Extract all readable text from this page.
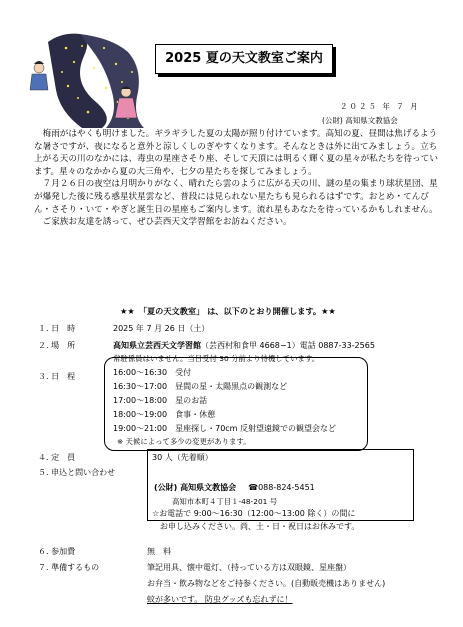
2025 夏の天文教室ご案内
２０２５ 年 ７ 月
(公財) 高知県文教協会

梅雨がはやくも明けました。ギラギラした夏の太陽が照り付けています。高知の夏、昼間は焦げるような暑さですが、夜になると意外と涼しくしのぎやすくなります。そんなときは外に出てみましょう。立ち上がる天の川のなかには、毒虫の星座さそり座、そして天頂には明るく輝く夏の星々が私たちを待っています。星々のなかから夏の大三角や、七夕の星たちを探してみましょう。

７月２６日の夜空は月明かりがなく、晴れたら雲のように広がる天の川、謎の星の集まり球状星団、星が爆発した後に残る惑星状星雲など、普段には見られない星たちも見られるはずです。おとめ・てんびん・さそり・いて・やぎと誕生日の星座もご案内します。流れ星もあなたを待っているかもしれません。

ご家族お友達を誘って、ぜひ芸西天文学習館をお訪ねください。

★★　「夏の天文教室」 は、以下のとおり開催します。★★
１. 日　時	2025 年 7 月 26 日（土）
２. 場　所	高知県立芸西天文学習館（芸西村和食甲 4668−1）電話 0887-33-2565
常駐係員はいません。当日受付 30 分前より待機しています。
３. 日　程	16:00～16:30　受付
16:30～17:00　昼間の星・太陽黒点の観測など
17:00～18:00　星のお話
18:00～19:00　食事・休憩
19:00～21:00　星座探し・70cm 反射望遠鏡での観望会など
※ 天候によって多少の変更があります。
４. 定　員	30 人（先着順）
５. 申込と問い合わせ
(公財) 高知県文教協会 ☎088-824-5451
高知市本町４丁目１-48-201 号
☆お電話で 9:00～16:30（12:00～13:00 除く）の間に
お申し込みください。尚、土・日・祝日はお休みです。
６. 参加費	無　料
７. 準備するもの	筆記用具、懐中電灯、（持っている方は双眼鏡、星座盤）
お弁当・飲み物などをご持参ください。(自動販売機はありません)
蚊が多いです。 防虫グッズも忘れずに！
